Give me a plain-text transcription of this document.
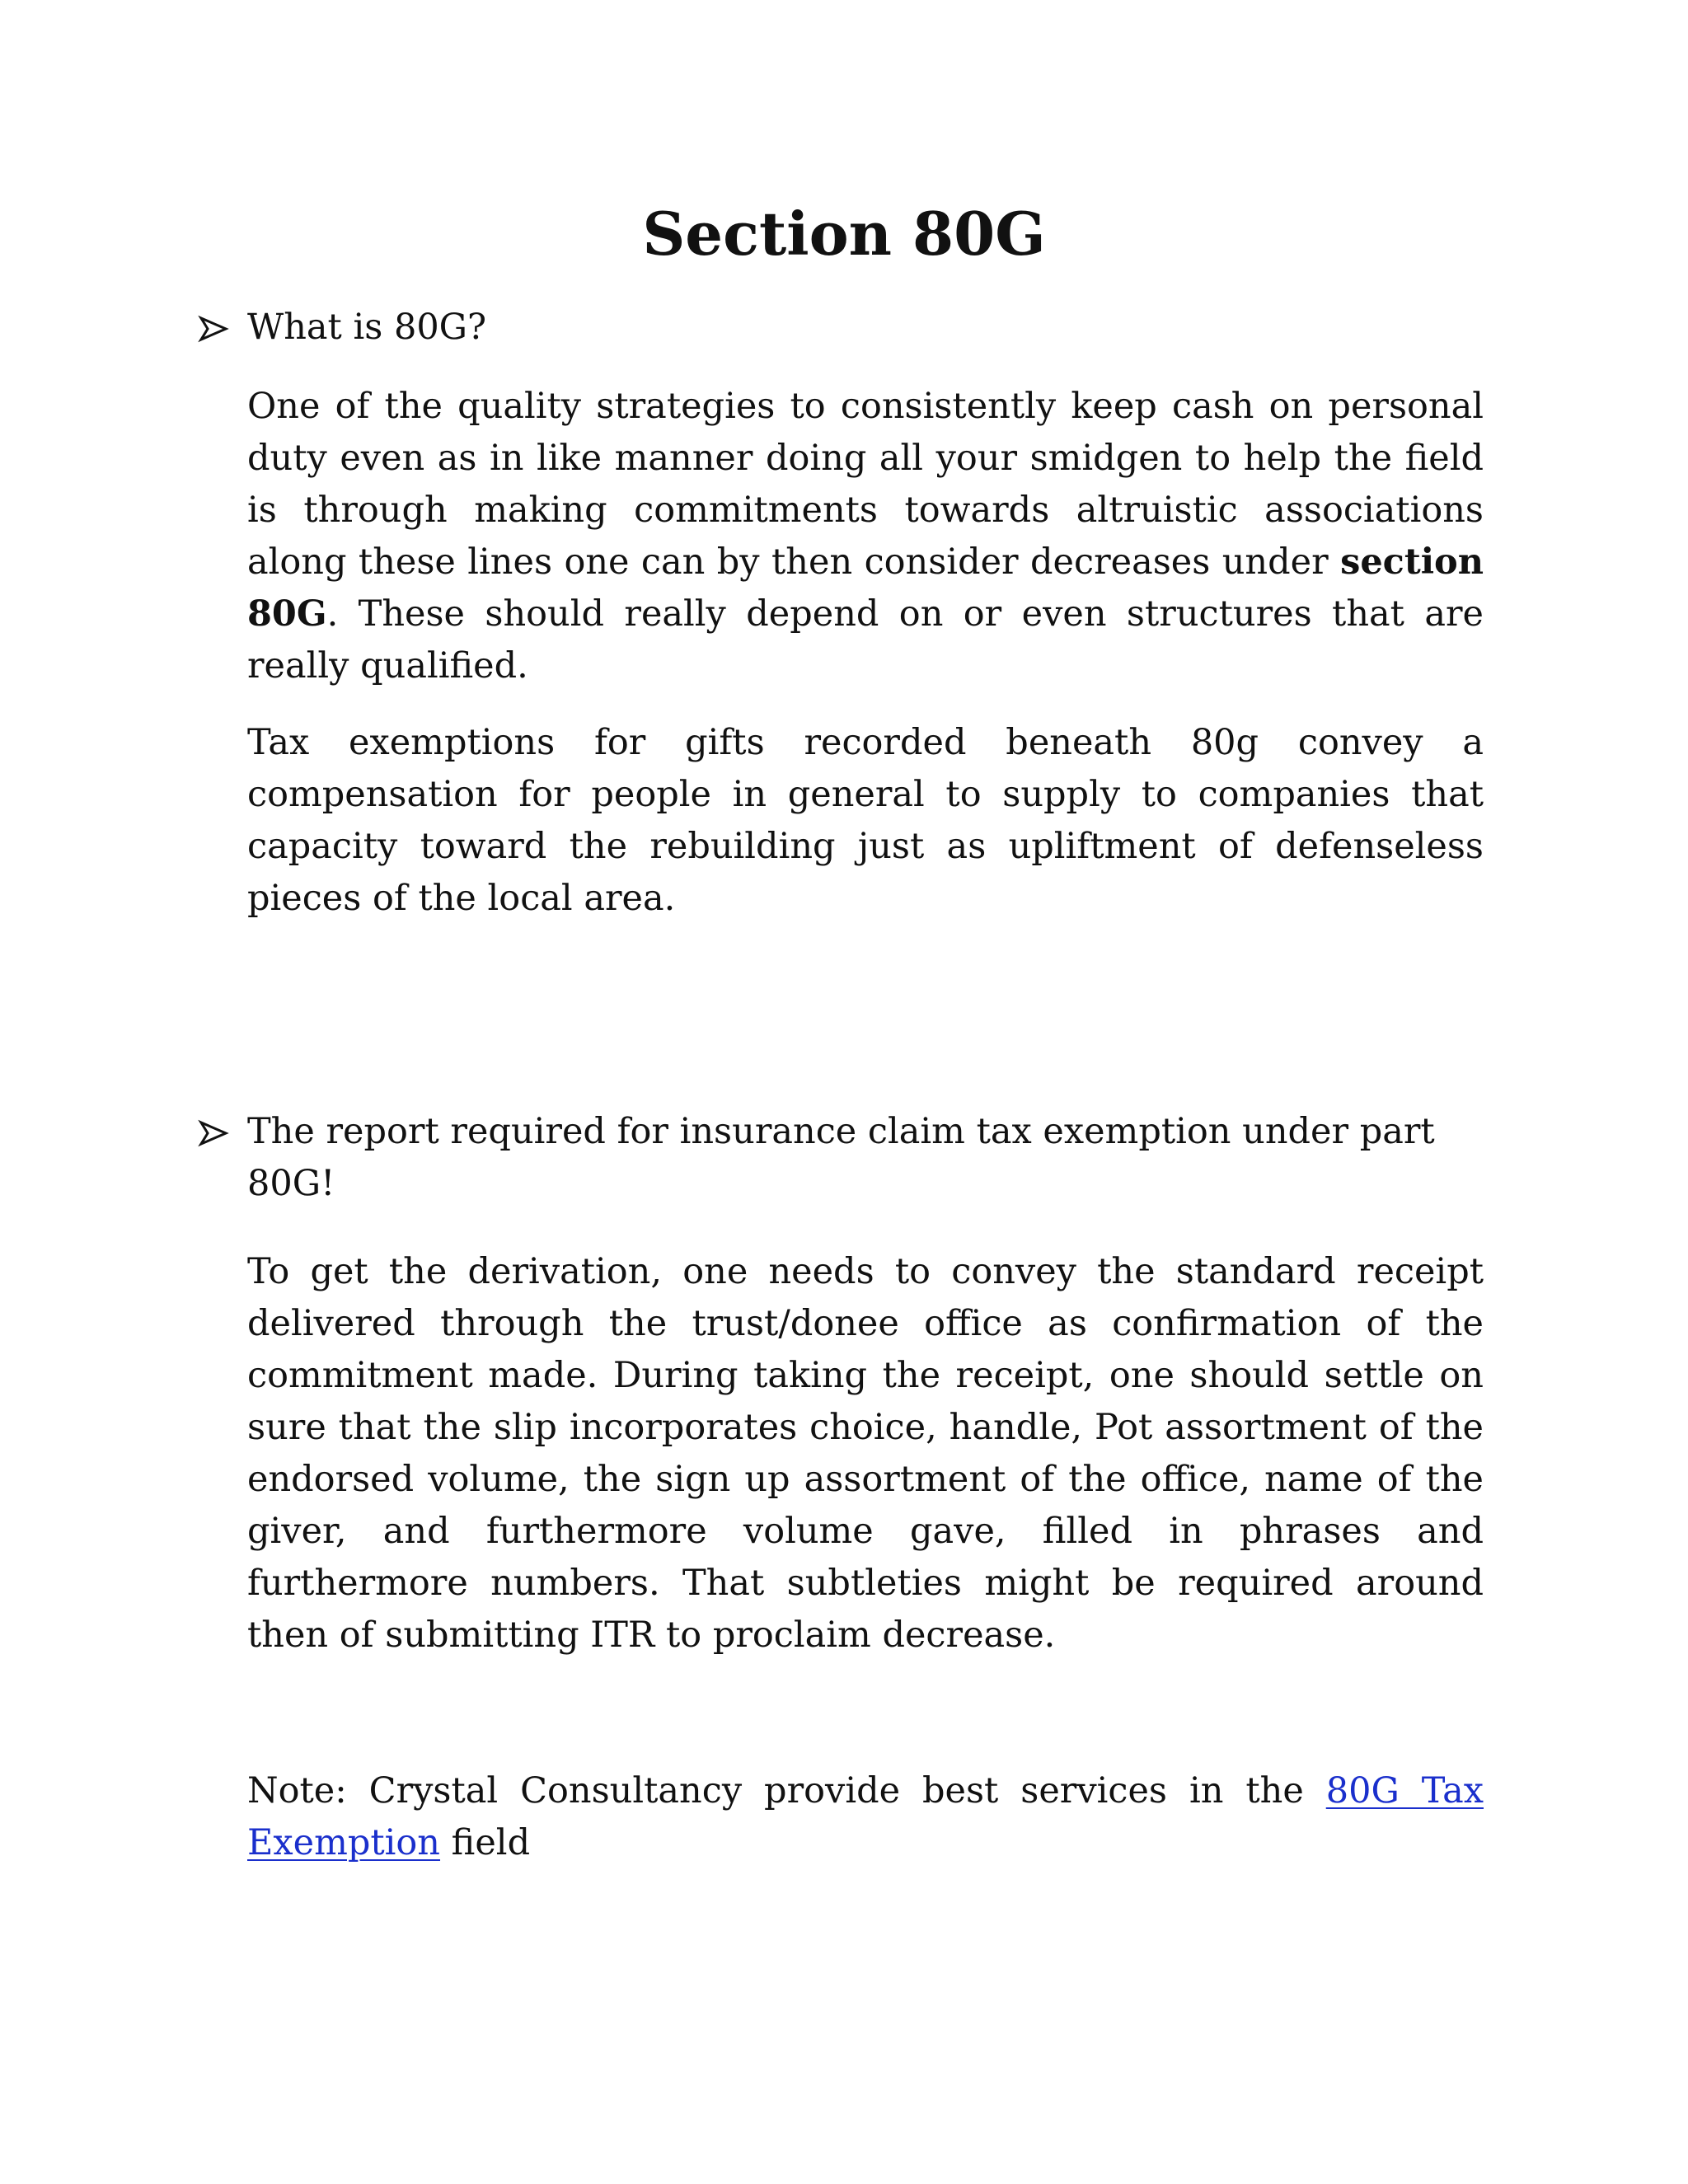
Section 80G

What is 80G?

One of the quality strategies to consistently keep cash on personal duty even as in like manner doing all your smidgen to help the field is through making commitments towards altruistic associations along these lines one can by then consider decreases under section 80G. These should really depend on or even structures that are really qualified.

Tax exemptions for gifts recorded beneath 80g convey a compensation for people in general to supply to companies that capacity toward the rebuilding just as upliftment of defenseless pieces of the local area.

The report required for insurance claim tax exemption under part 80G!

To get the derivation, one needs to convey the standard receipt delivered through the trust/donee office as confirmation of the commitment made. During taking the receipt, one should settle on sure that the slip incorporates choice, handle, Pot assortment of the endorsed volume, the sign up assortment of the office, name of the giver, and furthermore volume gave, filled in phrases and furthermore numbers. That subtleties might be required around then of submitting ITR to proclaim decrease.

Note: Crystal Consultancy provide best services in the 80G Tax Exemption field
